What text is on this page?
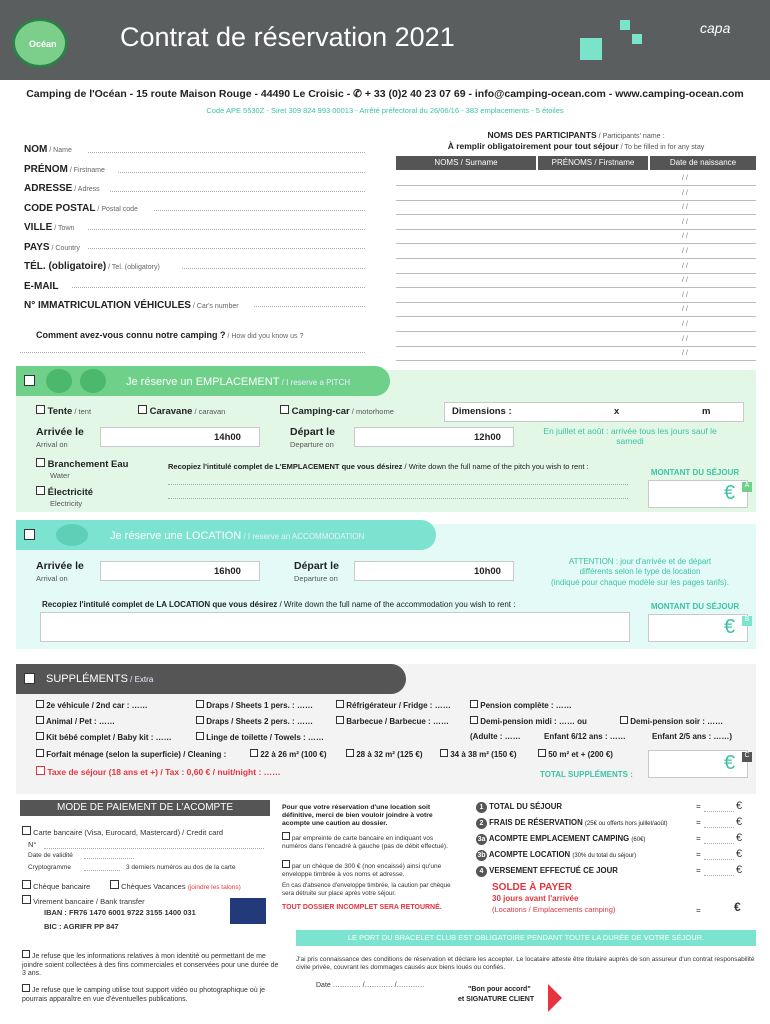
Océan Contrat de réservation 2021	capa
Camping de l'Océan - 15 route Maison Rouge - 44490 Le Croisic - ✆ + 33 (0)2 40 23 07 69 - info@camping-ocean.com - www.camping-ocean.com
Code APE 5530Z - Siret 309 824 993 00013 - Arrêté préfectoral du 26/06/16 - 383 emplacements - 5 étoiles
NOM / Name
PRÉNOM / Firstname
ADRESSE / Adress
CODE POSTAL / Postal code
VILLE / Town
PAYS / Country
TÉL. (obligatoire) / Tel. (obligatory)
E-MAIL
N° IMMATRICULATION VÉHICULES / Car's number
NOMS DES PARTICIPANTS / Participants' name :
À remplir obligatoirement pour tout séjour / To be filled in for any stay
NOMS / Surname	PRÉNOMS / Firstname	Date de naissance
/ /
/ /
/ /
/ /
/ /
/ /
/ /
/ /
/ /
/ /
/ /
/ /
/ /
Comment avez-vous connu notre camping ? / How did you know us ?
Je réserve un EMPLACEMENT / I reserve a PITCH
Tente / tent	Caravane / caravan	Camping-car / motorhome	Dimensions :	x	m
Arrivée le
Arrival on
14h00	Départ le
Departure on
12h00
En juillet et août : arrivée tous les jours sauf le samedi
Branchement Eau
Water
Électricité
Electricity
Recopiez l'intitulé complet de L'EMPLACEMENT que vous désirez / Write down the full name of the pitch you wish to rent :
MONTANT DU SÉJOUR
€	A
Je réserve une LOCATION / I reserve an ACCOMMODATION
Arrivée le
Arrival on
16h00	Départ le
Departure on
10h00
ATTENTION : jour d'arrivée et de départ
différents selon le type de location
(indiqué pour chaque modèle sur les pages tarifs).
Recopiez l'intitulé complet de LA LOCATION que vous désirez / Write down the full name of the accommodation you wish to rent :	MONTANT DU SÉJOUR
€	B
SUPPLÉMENTS / Extra
2e véhicule / 2nd car : ……	Draps / Sheets 1 pers. : ……	Réfrigérateur / Fridge : ……	Pension complète : ……
Animal / Pet : ……	Draps / Sheets 2 pers. : ……	Barbecue / Barbecue : ……	Demi-pension midi : …… ou	Demi-pension soir : ……
Kit bébé complet / Baby kit : ……	Linge de toilette / Towels : ……	(Adulte : ……	Enfant 6/12 ans : ……	Enfant 2/5 ans : ……)
Forfait ménage (selon la superficie) / Cleaning :	22 à 26 m² (100 €)	28 à 32 m² (125 €)	34 à 38 m² (150 €)	50 m² et + (200 €)
Taxe de séjour (18 ans et +) / Tax : 0,60 € / nuit/night : ……	TOTAL SUPPLÉMENTS :
€	C
MODE DE PAIEMENT DE L'ACOMPTE
Carte bancaire (Visa, Eurocard, Mastercard) / Credit card
N°
Date de validité
Cryptogramme	3 derniers numéros au dos de la carte
Chèque bancaire	Chèques Vacances (joindre les talons)
Virement bancaire / Bank transfer
IBAN : FR76 1470 6001 9722 3155 1400 031
BIC : AGRIFR PP 847
Pour que votre réservation d'une location soit définitive, merci de bien vouloir joindre à votre acompte une caution au dossier.
par empreinte de carte bancaire en indiquant vos numéros dans l'encadré à gauche (pas de débit effectué).
par un chèque de 300 € (non encaissé) ainsi qu'une enveloppe timbrée à vos noms et adresse.
En cas d'absence d'enveloppe timbrée, la caution par chèque sera détruite sur place après votre séjour.
TOUT DOSSIER INCOMPLET SERA RETOURNÉ.
1 TOTAL DU SÉJOUR	=	€
2 FRAIS DE RÉSERVATION (25€ ou offerts hors juillet/août)	=	€
3a ACOMPTE EMPLACEMENT CAMPING (60€)	=	€
3b ACOMPTE LOCATION (30% du total du séjour)	=	€
4 VERSEMENT EFFECTUÉ CE JOUR	=	€
SOLDE À PAYER
30 jours avant l'arrivée
(Locations / Emplacements camping)	=	€
LE PORT DU BRACELET CLUB EST OBLIGATOIRE PENDANT TOUTE LA DURÉE DE VOTRE SÉJOUR.
Je refuse que les informations relatives à mon identité ou permettant de me joindre soient collectées à des fins commerciales et conservées pour une durée de 3 ans.
Je refuse que le camping utilise tout support vidéo ou photographique où je pourrais apparaître en vue d'éventuelles publications.
J'ai pris connaissance des conditions de réservation et déclare les accepter. Le locataire atteste être titulaire auprès de son assureur d'un contrat responsabilité civile privée, couvrant les dommages causés aux biens loués ou confiés.
Date ………… /………… /…………
"Bon pour accord"
et SIGNATURE CLIENT
